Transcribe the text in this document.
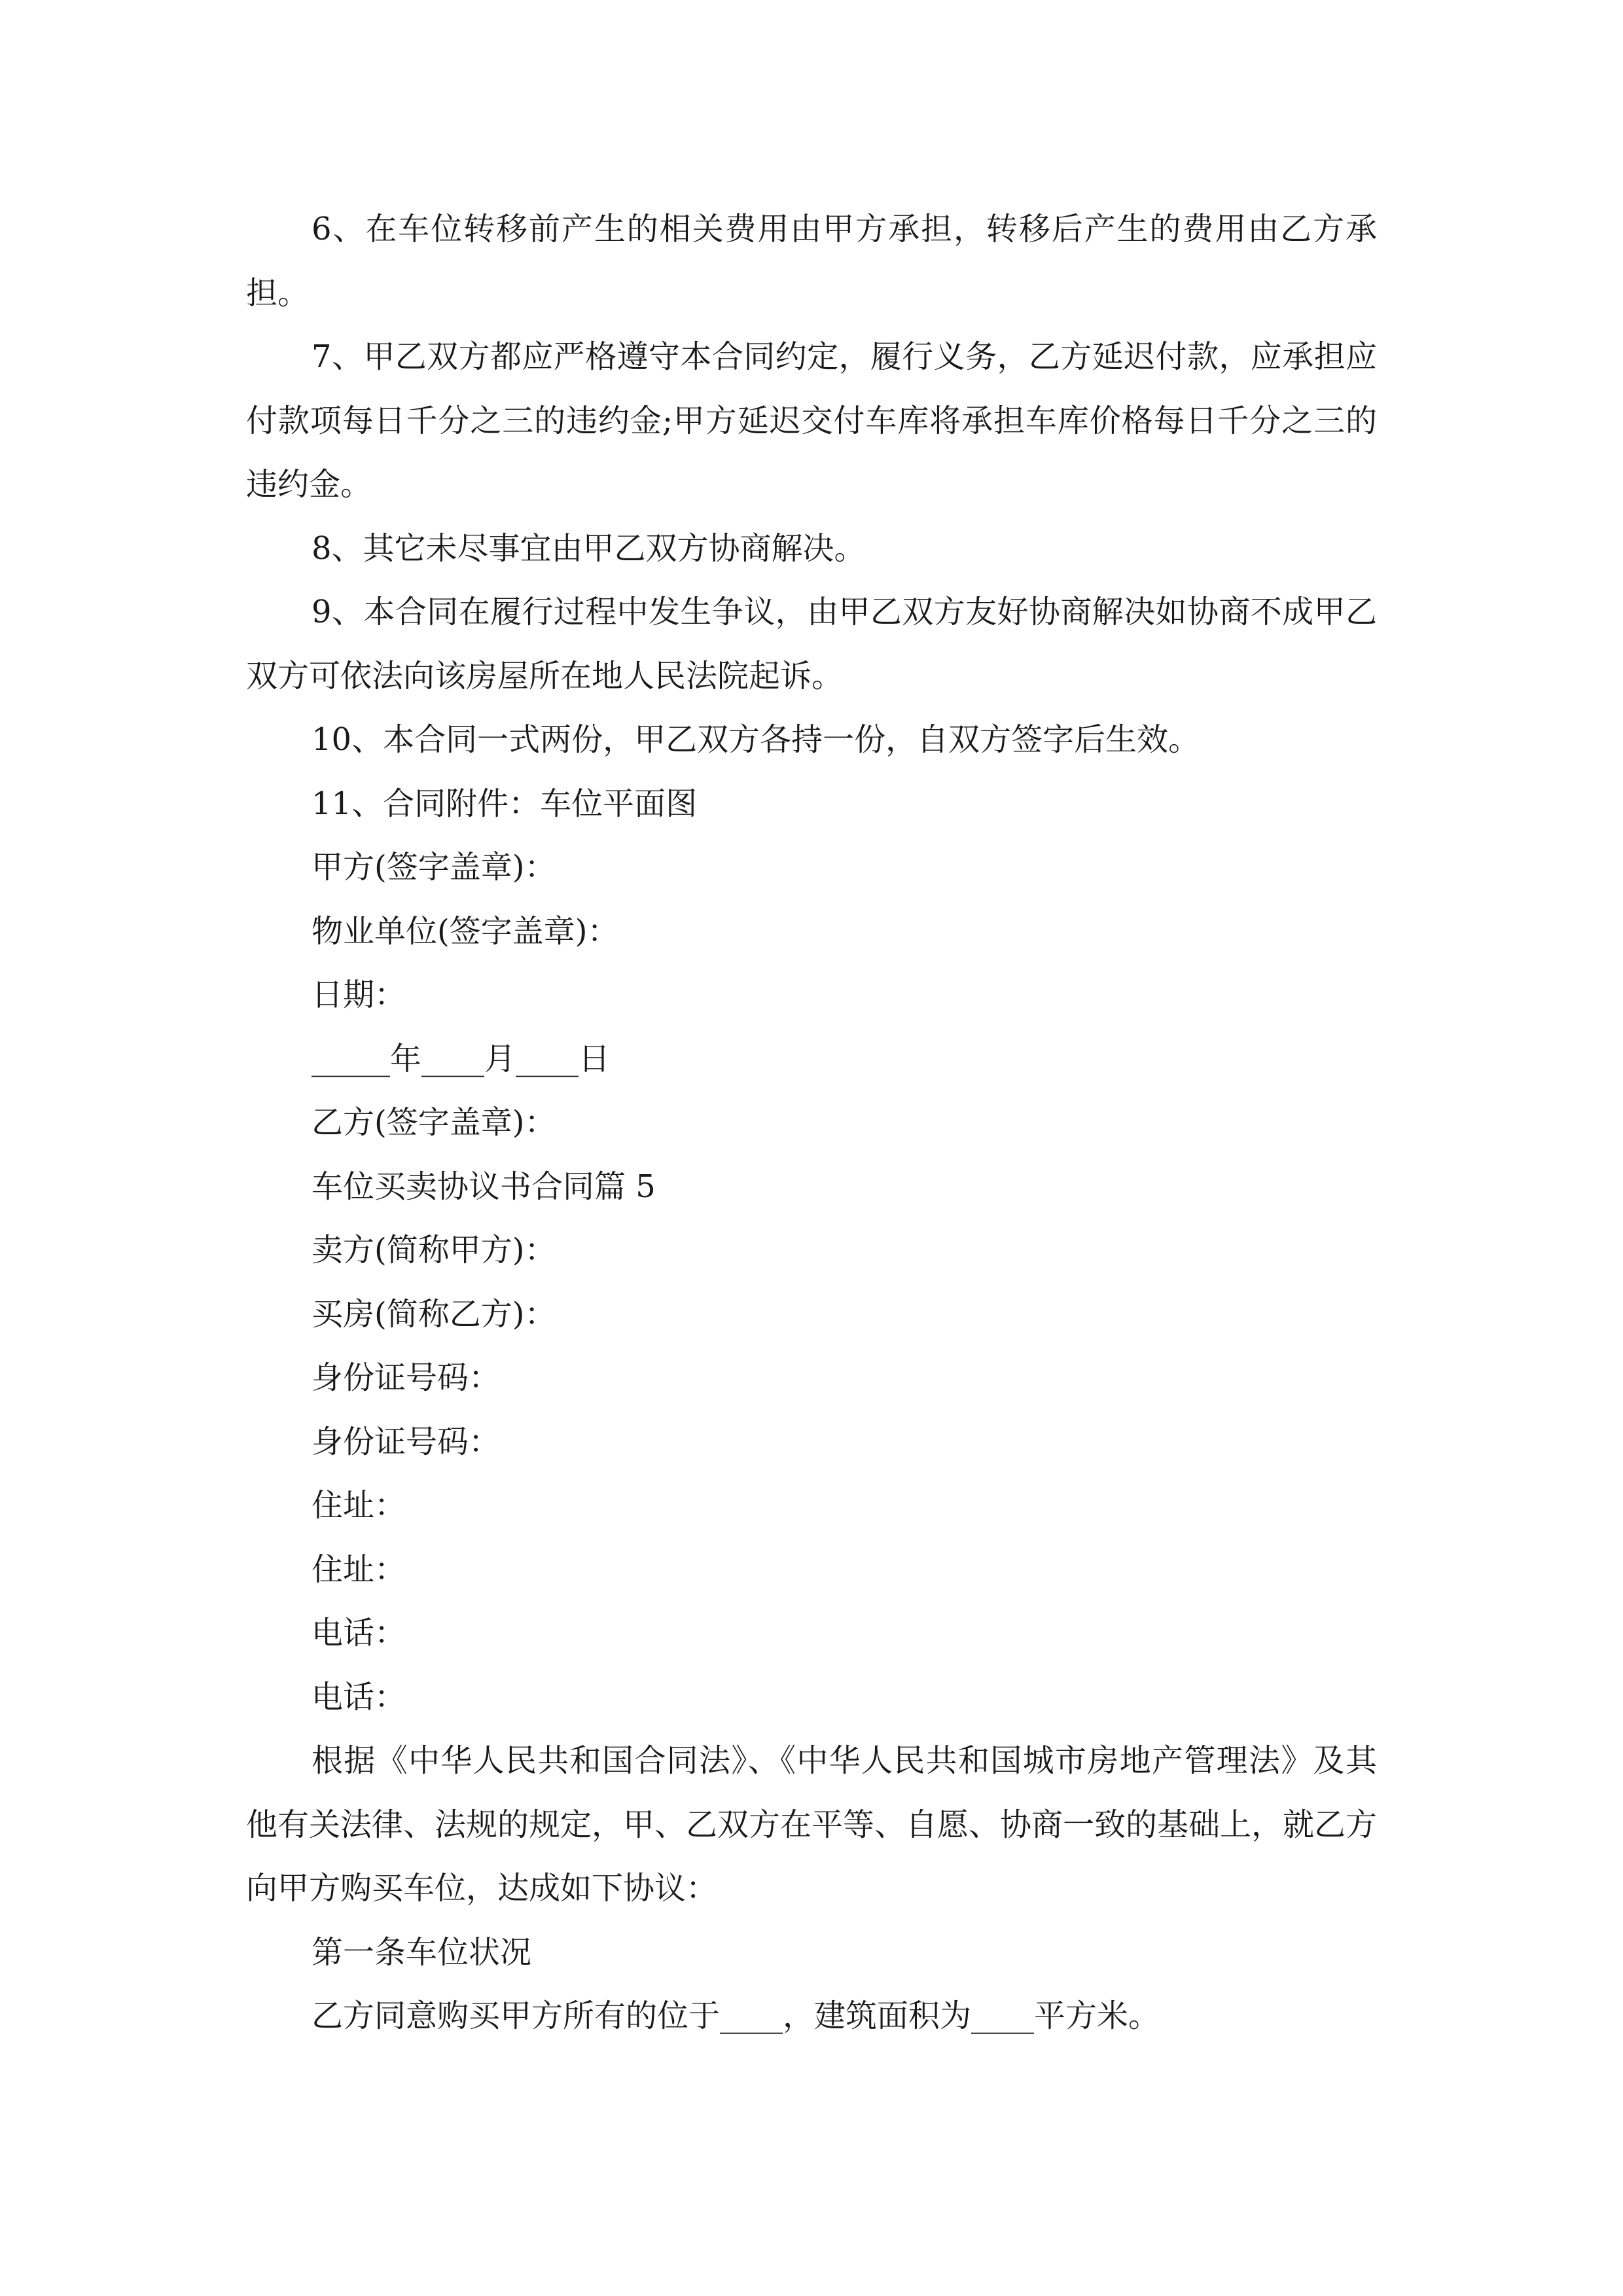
6、在车位转移前产生的相关费用由甲方承担，转移后产生的费用由乙方承担。

7、甲乙双方都应严格遵守本合同约定，履行义务，乙方延迟付款，应承担应付款项每日千分之三的违约金;甲方延迟交付车库将承担车库价格每日千分之三的违约金。

8、其它未尽事宜由甲乙双方协商解决。

9、本合同在履行过程中发生争议，由甲乙双方友好协商解决如协商不成甲乙双方可依法向该房屋所在地人民法院起诉。

10、本合同一式两份，甲乙双方各持一份，自双方签字后生效。

11、合同附件：车位平面图

甲方(签字盖章)：

物业单位(签字盖章)：

日期：

_____年____月____日

乙方(签字盖章)：

车位买卖协议书合同篇 5

卖方(简称甲方)：

买房(简称乙方)：

身份证号码：

身份证号码：

住址：

住址：

电话：

电话：

根据《中华人民共和国合同法》、《中华人民共和国城市房地产管理法》及其他有关法律、法规的规定，甲、乙双方在平等、自愿、协商一致的基础上，就乙方向甲方购买车位，达成如下协议：

第一条车位状况

乙方同意购买甲方所有的位于____，建筑面积为____平方米。
